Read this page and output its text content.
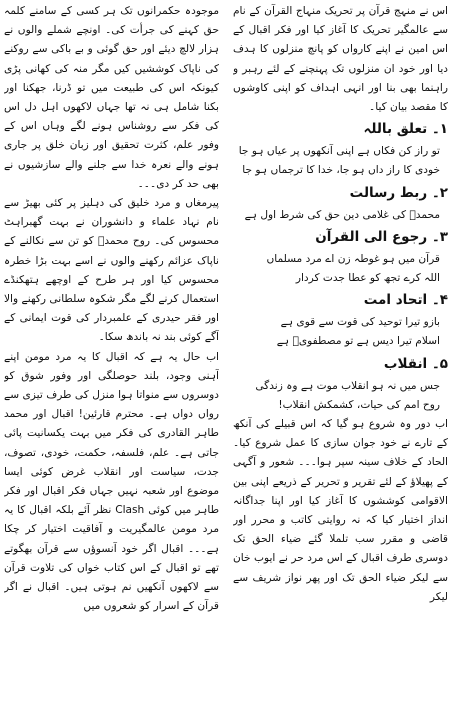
اس نے منہج قرآن پر تحریک منہاج القرآن کے نام سے عالمگیر تحریک کا آغاز کیا اور فکر اقبال کے اس امین نے اپنے کارواں کو پانچ منزلوں کا ہدف دیا اور خود ان منزلوں تک پہنچنے کے لئے رہبر و راہنما بھی بنا اور انہی اہداف کو اپنی کاوشوں کا مقصد بیان کیا۔

۱۔ تعلق باللہ

تو راز کن فکاں ہے اپنی آنکھوں پر عیاں ہو جا

خودی کا راز داں ہو جا، خدا کا ترجماں ہو جا

۲۔ ربط رسالت

محمدؐ کی غلامی دین حق کی شرط اول ہے

۳۔ رجوع الی القرآن

قرآن میں ہو غوطہ زن اے مرد مسلماں

اللہ کرے تجھ کو عطا جدت کردار

۴۔ اتحاد امت

بازو تیرا توحید کی قوت سے قوی ہے

اسلام تیرا دیس ہے تو مصطفویؐ ہے

۵۔ انقلاب

جس میں نہ ہو انقلاب موت ہے وہ زندگی

روح امم کی حیات، کشمکش انقلاب!

اب دور وہ شروع ہو گیا کہ اس قبیلے کی آنکھ کے تارے نے خود جوان سازی کا عمل شروع کیا۔ الحاد کے خلاف سینہ سپر ہوا۔۔۔ شعور و آگہی کے پھیلاؤ کے لئے تقریر و تحریر کے ذریعے اپنی بین الاقوامی کوششوں کا آغاز کیا اور اپنا جداگانہ انداز اختیار کیا کہ نہ روایتی کاتب و محرر اور قاضی و مقرر سب تلملا گئے ضیاء الحق تک دوسری طرف اقبال کے اس مرد حر نے ایوب خان سے لیکر ضیاء الحق تک اور پھر نواز شریف سے لیکر

موجودہ حکمرانوں تک ہر کسی کے سامنے کلمہ حق کہنے کی جرأت کی۔ اونچے شملے والوں نے ہزار لالچ دیئے اور حق گوئی و بے باکی سے روکنے کی ناپاک کوششیں کیں مگر منہ کی کھانی پڑی کیونکہ اس کی طبیعت میں تو ڈرنا، جھکنا اور بکنا شامل ہی نہ تھا جہاں لاکھوں اہل دل اس کی فکر سے روشناس ہونے لگے وہاں اس کے وفور علم، کثرت تحقیق اور زبان خلق پر جاری ہونے والے نعرہ خدا سے جلنے والے سازشیوں نے بھی حد کر دی۔۔۔

پیرمغاں و مرد خلیق کی دہلیز پر کئی بھیڑ سے نام نہاد علماء و دانشوران نے بہت گھبراہٹ محسوس کی۔ روح محمدؐ کو تن سے نکالنے کے ناپاک عزائم رکھنے والوں نے اسے بہت بڑا خطرہ محسوس کیا اور ہر طرح کے اوچھے ہتھکنڈے استعمال کرنے لگے مگر شکوہ سلطانی رکھنے والا اور فقر حیدری کے علمبردار کی قوت ایمانی کے آگے کوئی بند نہ باندھ سکا۔

اب حال یہ ہے کہ اقبال کا یہ مرد مومن اپنے آہنی وجود، بلند حوصلگی اور وفور شوق کو دوسروں سے منواتا ہوا منزل کی طرف تیزی سے رواں دواں ہے۔ محترم قارئین! اقبال اور محمد طاہر القادری کی فکر میں بہت یکسانیت پائی جاتی ہے۔ علم، فلسفہ، حکمت، خودی، تصوف، جدت، سیاست اور انقلاب غرض کوئی ایسا موضوع اور شعبہ نہیں جہاں فکر اقبال اور فکر طاہر میں کوئی Clash نظر آئے بلکہ اقبال کا یہ مرد مومن عالمگیریت و آفاقیت اختیار کر چکا ہے۔۔۔ اقبال اگر خود آنسوؤں سے قرآن بھگوتے تھے تو اقبال کے اس کتاب خواں کی تلاوت قرآن سے لاکھوں آنکھیں نم ہوتی ہیں۔ اقبال نے اگر قرآن کے اسرار کو شعروں میں
